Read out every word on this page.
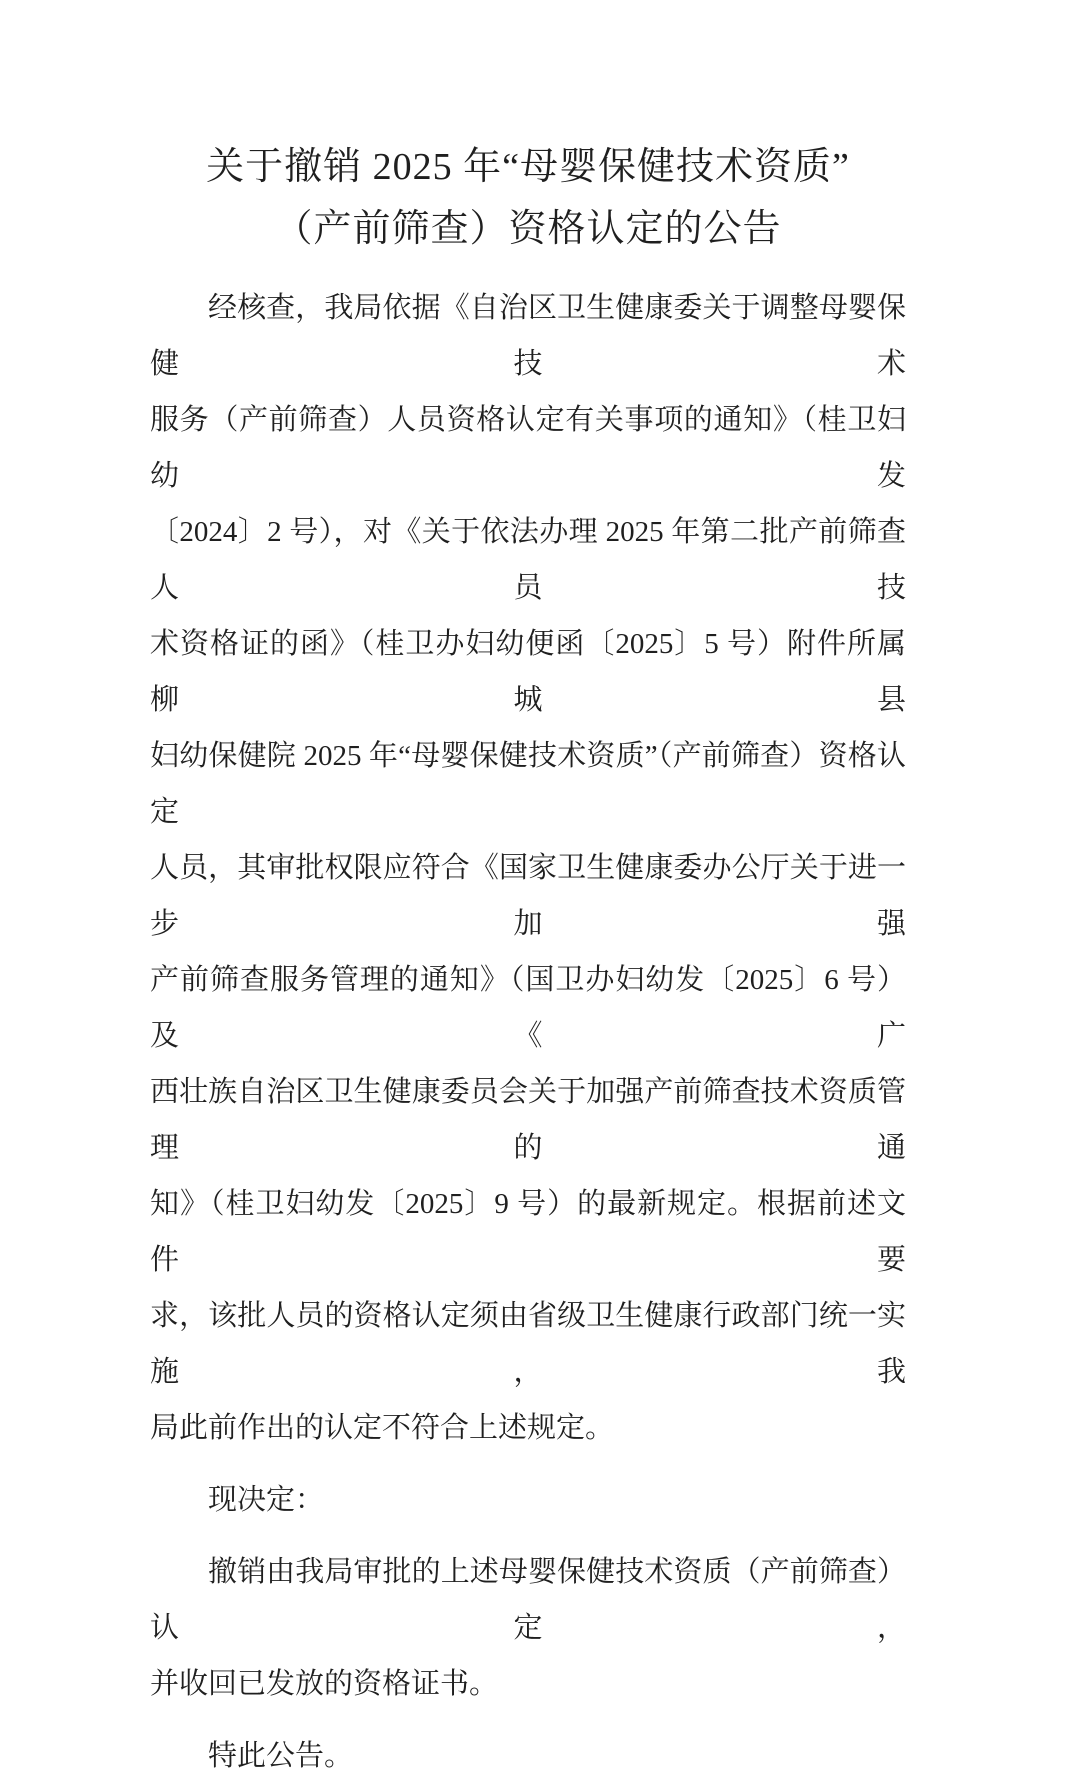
关于撤销 2025 年“母婴保健技术资质”
（产前筛查）资格认定的公告
经核查，我局依据《自治区卫生健康委关于调整母婴保健技术
服务（产前筛查）人员资格认定有关事项的通知》（桂卫妇幼发
〔2024〕2 号），对《关于依法办理 2025 年第二批产前筛查人员技
术资格证的函》（桂卫办妇幼便函〔2025〕5 号）附件所属柳城县
妇幼保健院 2025 年“母婴保健技术资质”（产前筛查）资格认定
人员，其审批权限应符合《国家卫生健康委办公厅关于进一步加强
产前筛查服务管理的通知》（国卫办妇幼发〔2025〕6 号）及《广
西壮族自治区卫生健康委员会关于加强产前筛查技术资质管理的通
知》（桂卫妇幼发〔2025〕9 号）的最新规定。根据前述文件要
求，该批人员的资格认定须由省级卫生健康行政部门统一实施，我
局此前作出的认定不符合上述规定。
现决定：
撤销由我局审批的上述母婴保健技术资质（产前筛查）认定，
并收回已发放的资格证书。
特此公告。
